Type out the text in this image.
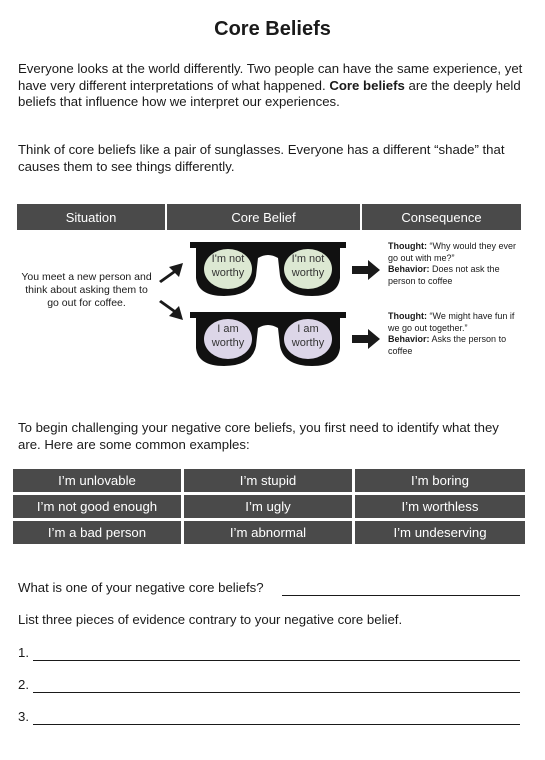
Core Beliefs
Everyone looks at the world differently. Two people can have the same experience, yet have very different interpretations of what happened. Core beliefs are the deeply held beliefs that influence how we interpret our experiences.
Think of core beliefs like a pair of sunglasses. Everyone has a different “shade” that causes them to see things differently.
Situation	Core Belief	Consequence
You meet a new person and think about asking them to go out for coffee.
I'm not
worthy
I'm not
worthy
I am
worthy
I am
worthy
Thought: “Why would they ever go out with me?”
Behavior: Does not ask the person to coffee
Thought: “We might have fun if we go out together.”
Behavior: Asks the person to coffee
To begin challenging your negative core beliefs, you first need to identify what they are. Here are some common examples:
I’m unlovable	I’m stupid	I’m boring
I’m not good enough	I’m ugly	I’m worthless
I’m a bad person	I’m abnormal	I’m undeserving
What is one of your negative core beliefs?
List three pieces of evidence contrary to your negative core belief.
1.
2.
3.
